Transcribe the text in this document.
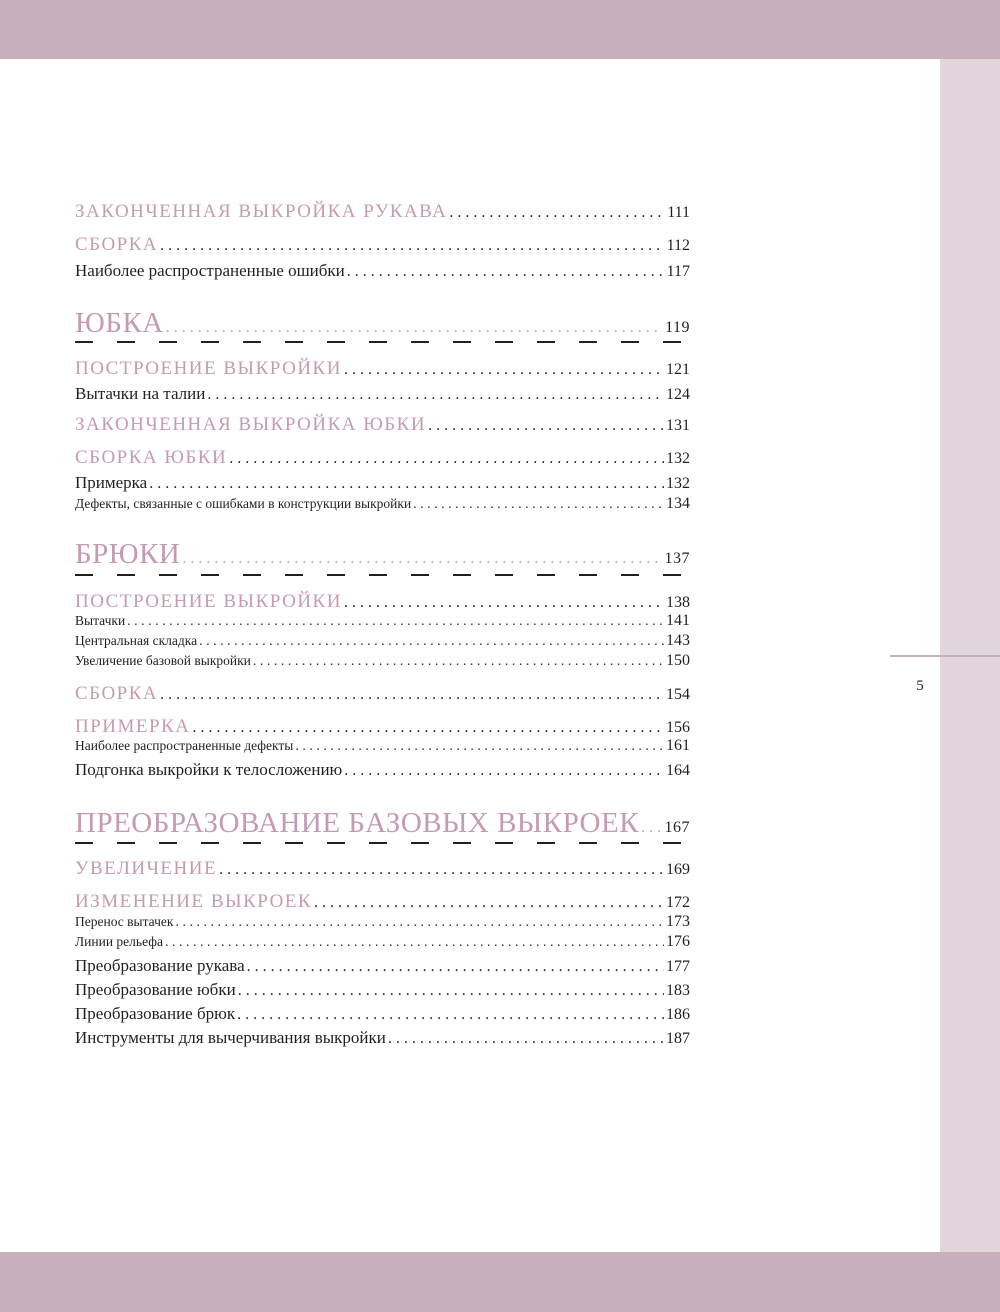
5
ЗАКОНЧЕННАЯ ВЫКРОЙКА РУКАВА . . .	111
СБОРКА . . .	112
Наиболее распространенные ошибки . . .	117
ЮБКА . . .	119
ПОСТРОЕНИЕ ВЫКРОЙКИ . . .	121
Вытачки на талии . . .	124
ЗАКОНЧЕННАЯ ВЫКРОЙКА ЮБКИ . . .	131
СБОРКА ЮБКИ . . .	132
Примерка . . .	132
Дефекты, связанные с ошибками в конструкции выкройки . . .	134
БРЮКИ . . .	137
ПОСТРОЕНИЕ ВЫКРОЙКИ . . .	138
Вытачки . . .	141
Центральная складка . . .	143
Увеличение базовой выкройки . . .	150
СБОРКА . . .	154
ПРИМЕРКА . . .	156
Наиболее распространенные дефекты . . .	161
Подгонка выкройки к телосложению . . .	164
ПРЕОБРАЗОВАНИЕ БАЗОВЫХ ВЫКРОЕК . . . 167
УВЕЛИЧЕНИЕ . . .	169
ИЗМЕНЕНИЕ ВЫКРОЕК . . .	172
Перенос вытачек . . .	173
Линии рельефа . . .	176
Преобразование рукава . . .	177
Преобразование юбки . . .	183
Преобразование брюк . . .	186
Инструменты для вычерчивания выкройки . . .	187
